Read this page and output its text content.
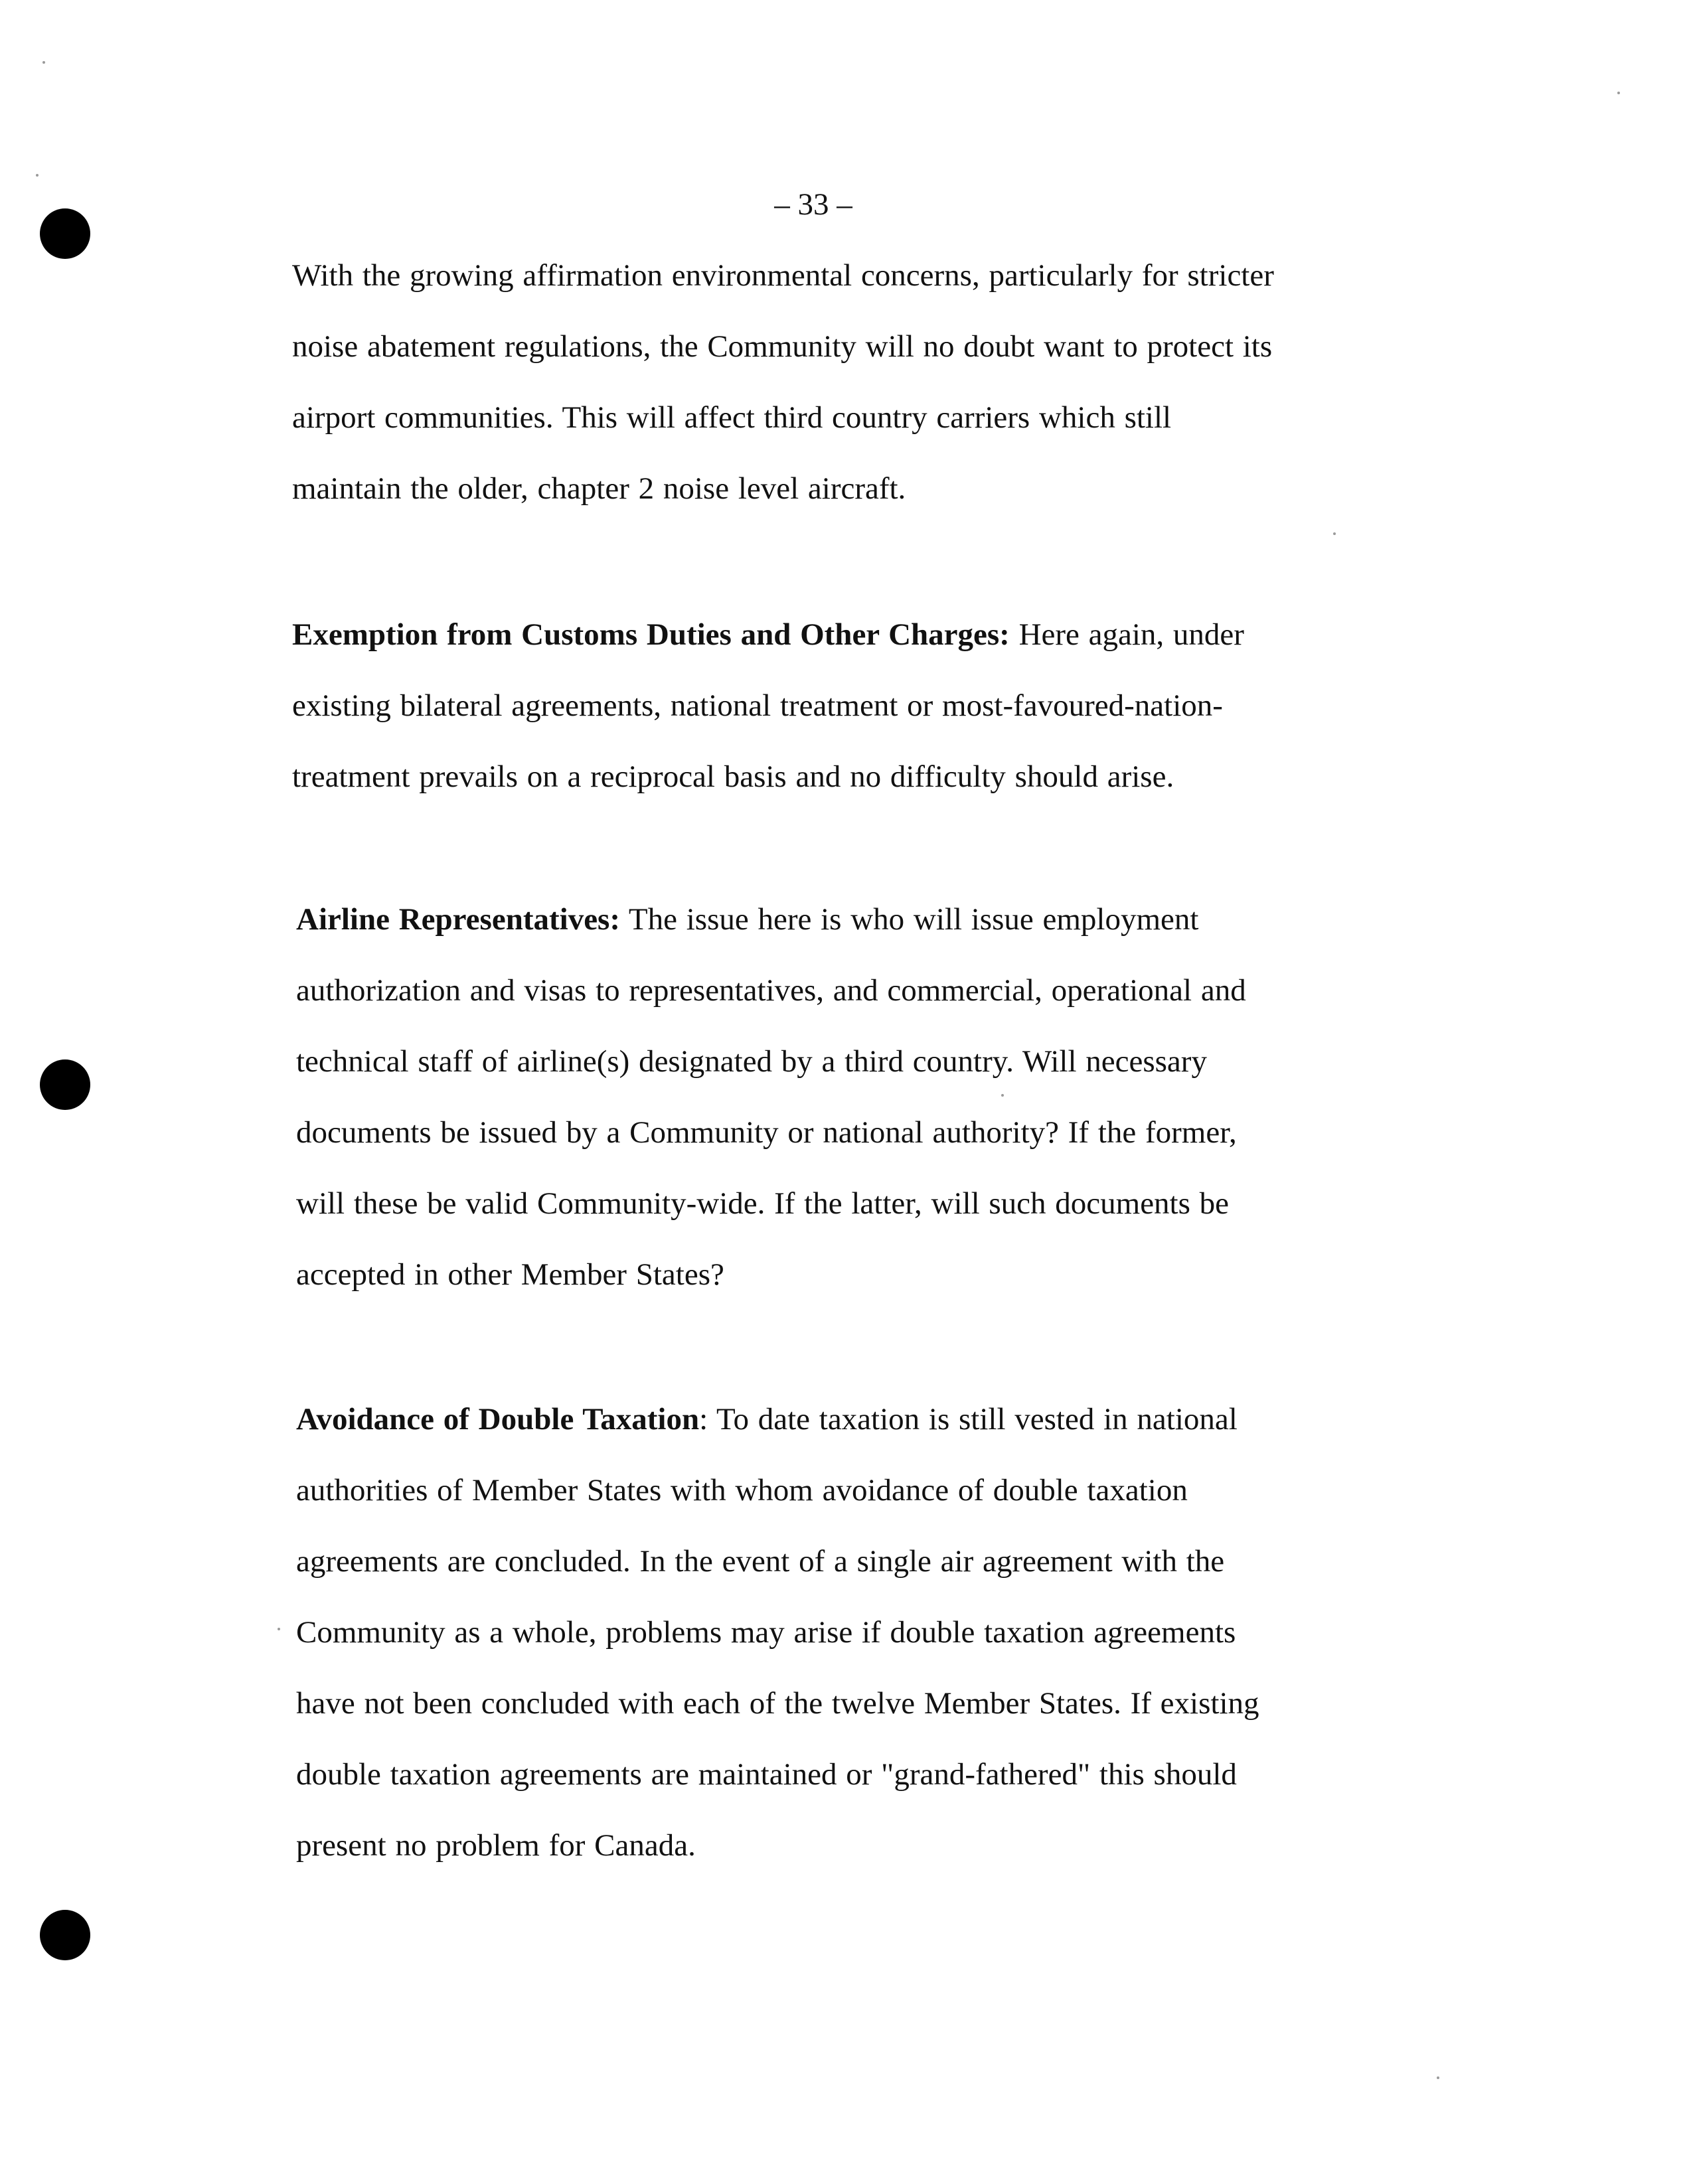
– 33 –

With the growing affirmation environmental concerns, particularly for stricter
noise abatement regulations, the Community will no doubt want to protect its
airport communities. This will affect third country carriers which still
maintain the older, chapter 2 noise level aircraft.

Exemption from Customs Duties and Other Charges: Here again, under
existing bilateral agreements, national treatment or most-favoured-nation-
treatment prevails on a reciprocal basis and no difficulty should arise.

Airline Representatives: The issue here is who will issue employment
authorization and visas to representatives, and commercial, operational and
technical staff of airline(s) designated by a third country. Will necessary
documents be issued by a Community or national authority? If the former,
will these be valid Community-wide. If the latter, will such documents be
accepted in other Member States?

Avoidance of Double Taxation: To date taxation is still vested in national
authorities of Member States with whom avoidance of double taxation
agreements are concluded. In the event of a single air agreement with the
Community as a whole, problems may arise if double taxation agreements
have not been concluded with each of the twelve Member States. If existing
double taxation agreements are maintained or "grand-fathered" this should
present no problem for Canada.
